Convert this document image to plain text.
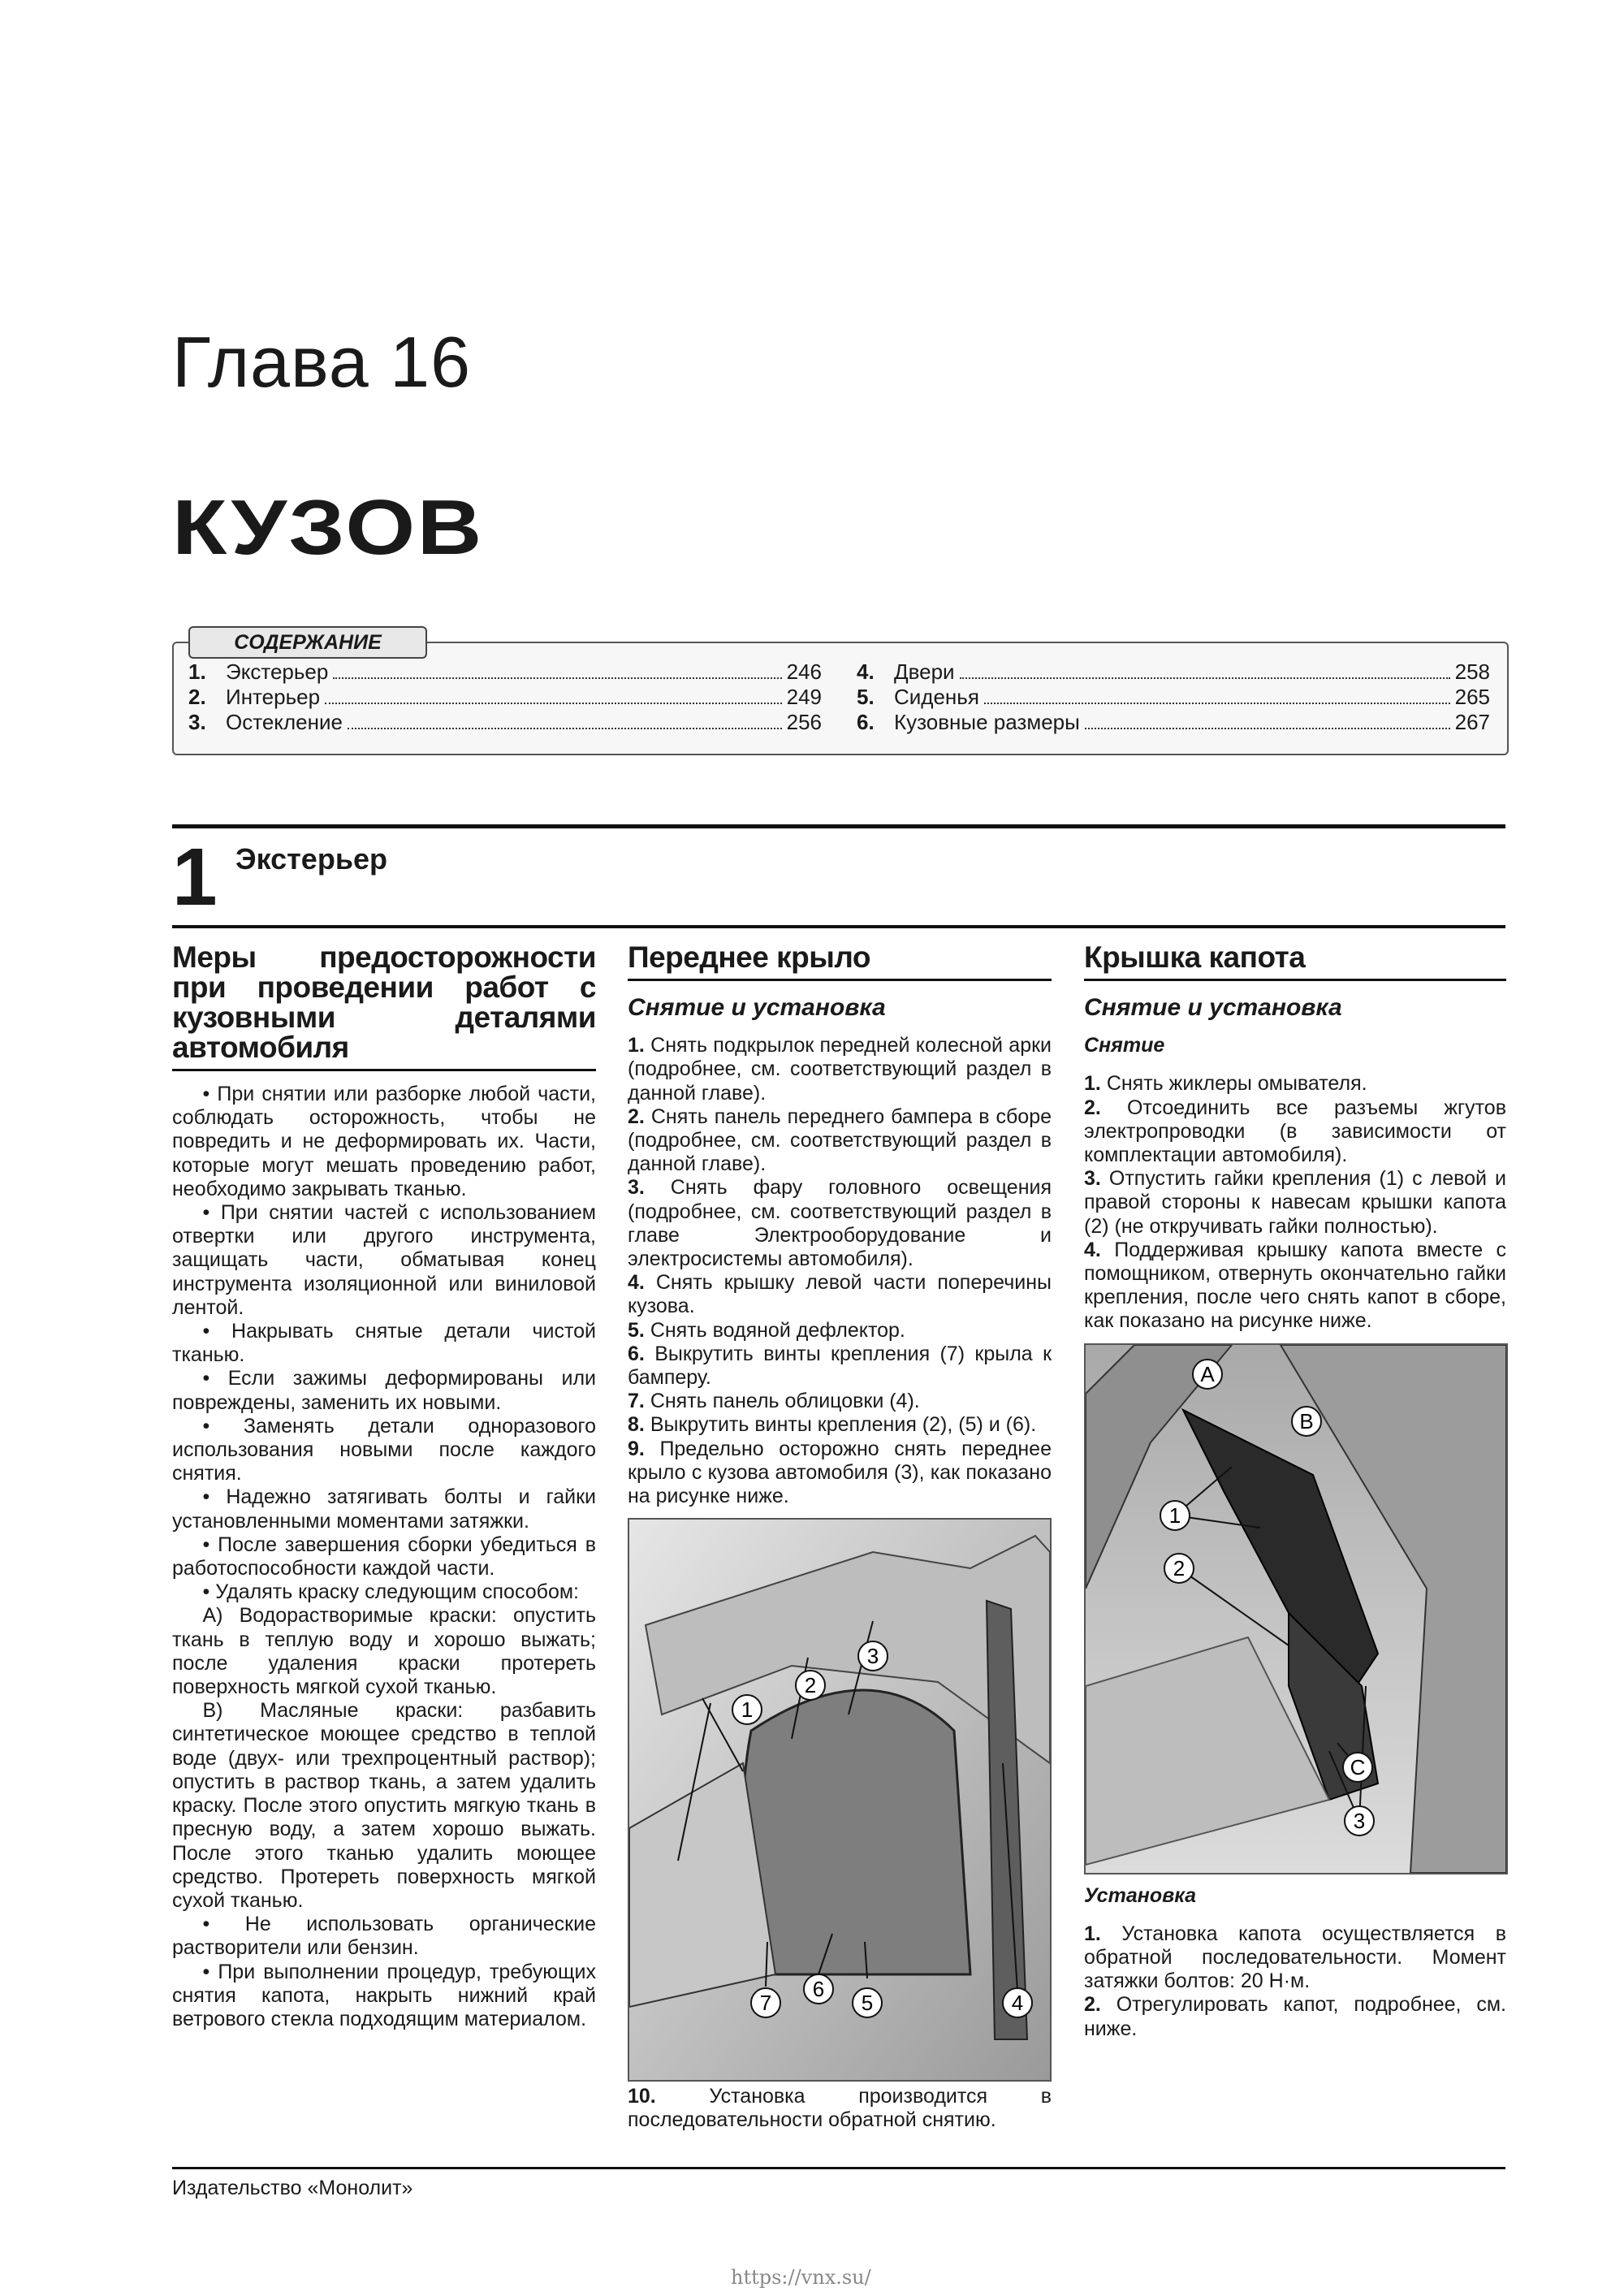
Глава 16
КУЗОВ
СОДЕРЖАНИЕ
1. Экстерьер	246
2. Интерьер	249
3. Остекление	256
4. Двери	258
5. Сиденья	265
6. Кузовные размеры	267
1 Экстерьер
Меры предосторожности при проведении работ с кузовными деталями автомобиля

• При снятии или разборке любой части, соблюдать осторожность, чтобы не повредить и не деформировать их. Части, которые могут мешать проведению работ, необходимо закрывать тканью.

• При снятии частей с использованием отвертки или другого инструмента, защищать части, обматывая конец инструмента изоляционной или виниловой лентой.

• Накрывать снятые детали чистой тканью.

• Если зажимы деформированы или повреждены, заменить их новыми.

• Заменять детали одноразового использования новыми после каждого снятия.

• Надежно затягивать болты и гайки установленными моментами затяжки.

• После завершения сборки убедиться в работоспособности каждой части.

• Удалять краску следующим способом:

А) Водорастворимые краски: опустить ткань в теплую воду и хорошо выжать; после удаления краски протереть поверхность мягкой сухой тканью.

В) Масляные краски: разбавить синтетическое моющее средство в теплой воде (двух- или трехпроцентный раствор); опустить в раствор ткань, а затем удалить краску. После этого опустить мягкую ткань в пресную воду, а затем хорошо выжать. После этого тканью удалить моющее средство. Протереть поверхность мягкой сухой тканью.

• Не использовать органические растворители или бензин.

• При выполнении процедур, требующих снятия капота, накрыть нижний край ветрового стекла подходящим материалом.

Переднее крыло
Снятие и установка

1. Снять подкрылок передней колесной арки (подробнее, см. соответствующий раздел в данной главе).

2. Снять панель переднего бампера в сборе (подробнее, см. соответствующий раздел в данной главе).

3. Снять фару головного освещения (подробнее, см. соответствующий раздел в главе Электрооборудование и электросистемы автомобиля).

4. Снять крышку левой части поперечины кузова.

5. Снять водяной дефлектор.

6. Выкрутить винты крепления (7) крыла к бамперу.

7. Снять панель облицовки (4).

8. Выкрутить винты крепления (2), (5) и (6).

9. Предельно осторожно снять переднее крыло с кузова автомобиля (3), как показано на рисунке ниже.

1
2
3
4
5
6
7

10.	Установка производится в последовательности обратной снятию.

Крышка капота
Снятие и установка
Снятие

1. Снять жиклеры омывателя.

2. Отсоединить все разъемы жгутов электропроводки (в зависимости от комплектации автомобиля).

3. Отпустить гайки крепления (1) с левой и правой стороны к навесам крышки капота (2) (не откручивать гайки полностью).

4. Поддерживая крышку капота вместе с помощником, отвернуть окончательно гайки крепления, после чего снять капот в сборе, как показано на рисунке ниже.

A
B
1
2
C
3
Установка

1. Установка капота осуществляется в обратной последовательности. Момент затяжки болтов: 20 Н·м.

2. Отрегулировать капот, подробнее, см. ниже.

Издательство «Монолит»
https://vnx.su/
